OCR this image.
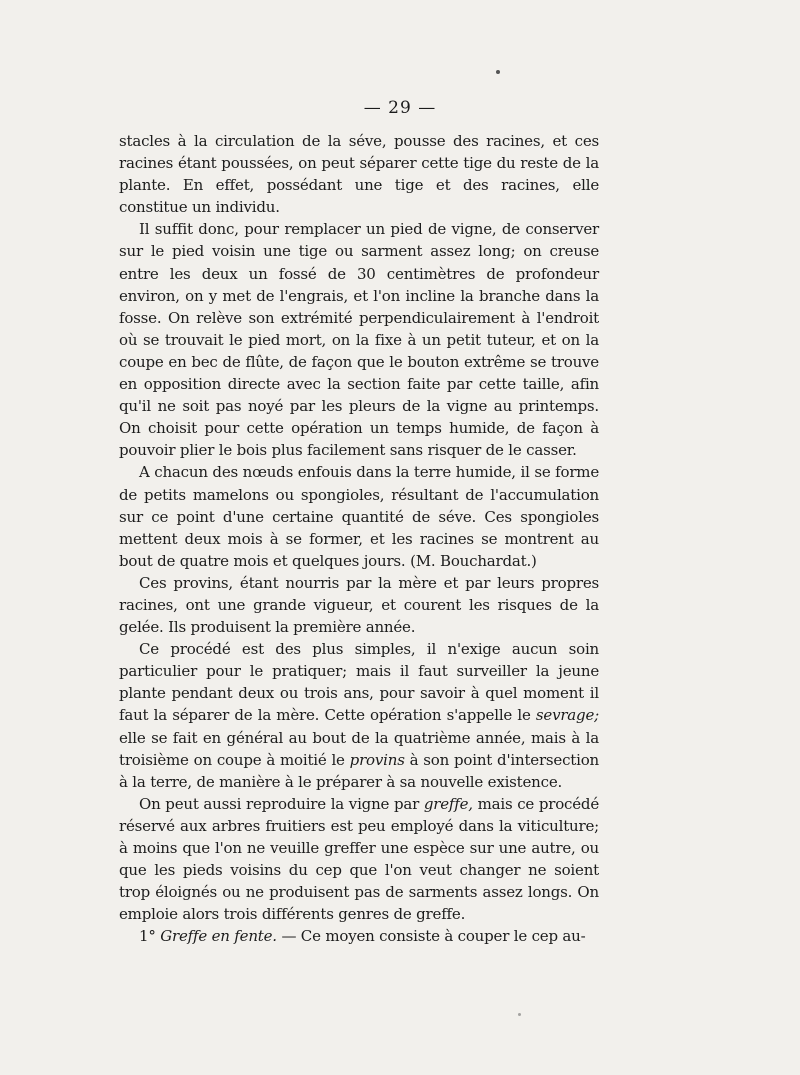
— 29 —

stacles à la circulation de la séve, pousse des racines, et ces racines étant poussées, on peut séparer cette tige du reste de la plante. En effet, possédant une tige et des racines, elle constitue un individu.

Il suffit donc, pour remplacer un pied de vigne, de conserver sur le pied voisin une tige ou sarment assez long; on creuse entre les deux un fossé de 30 centimètres de profondeur environ, on y met de l'engrais, et l'on incline la branche dans la fosse. On relève son extrémité perpendiculairement à l'endroit où se trouvait le pied mort, on la fixe à un petit tuteur, et on la coupe en bec de flûte, de façon que le bouton extrême se trouve en opposition directe avec la section faite par cette taille, afin qu'il ne soit pas noyé par les pleurs de la vigne au printemps. On choisit pour cette opération un temps humide, de façon à pouvoir plier le bois plus facilement sans risquer de le casser.

A chacun des nœuds enfouis dans la terre humide, il se forme de petits mamelons ou spongioles, résultant de l'accumulation sur ce point d'une certaine quantité de séve. Ces spongioles mettent deux mois à se former, et les racines se montrent au bout de quatre mois et quelques jours. (M. Bouchardat.)

Ces provins, étant nourris par la mère et par leurs propres racines, ont une grande vigueur, et courent les risques de la gelée. Ils produisent la première année.

Ce procédé est des plus simples, il n'exige aucun soin particulier pour le pratiquer; mais il faut surveiller la jeune plante pendant deux ou trois ans, pour savoir à quel moment il faut la séparer de la mère. Cette opération s'appelle le sevrage; elle se fait en général au bout de la quatrième année, mais à la troisième on coupe à moitié le provins à son point d'intersection à la terre, de manière à le préparer à sa nouvelle existence.

On peut aussi reproduire la vigne par greffe, mais ce procédé réservé aux arbres fruitiers est peu employé dans la viticulture; à moins que l'on ne veuille greffer une espèce sur une autre, ou que les pieds voisins du cep que l'on veut changer ne soient trop éloignés ou ne produisent pas de sarments assez longs. On emploie alors trois différents genres de greffe.

1° Greffe en fente. — Ce moyen consiste à couper le cep au-
